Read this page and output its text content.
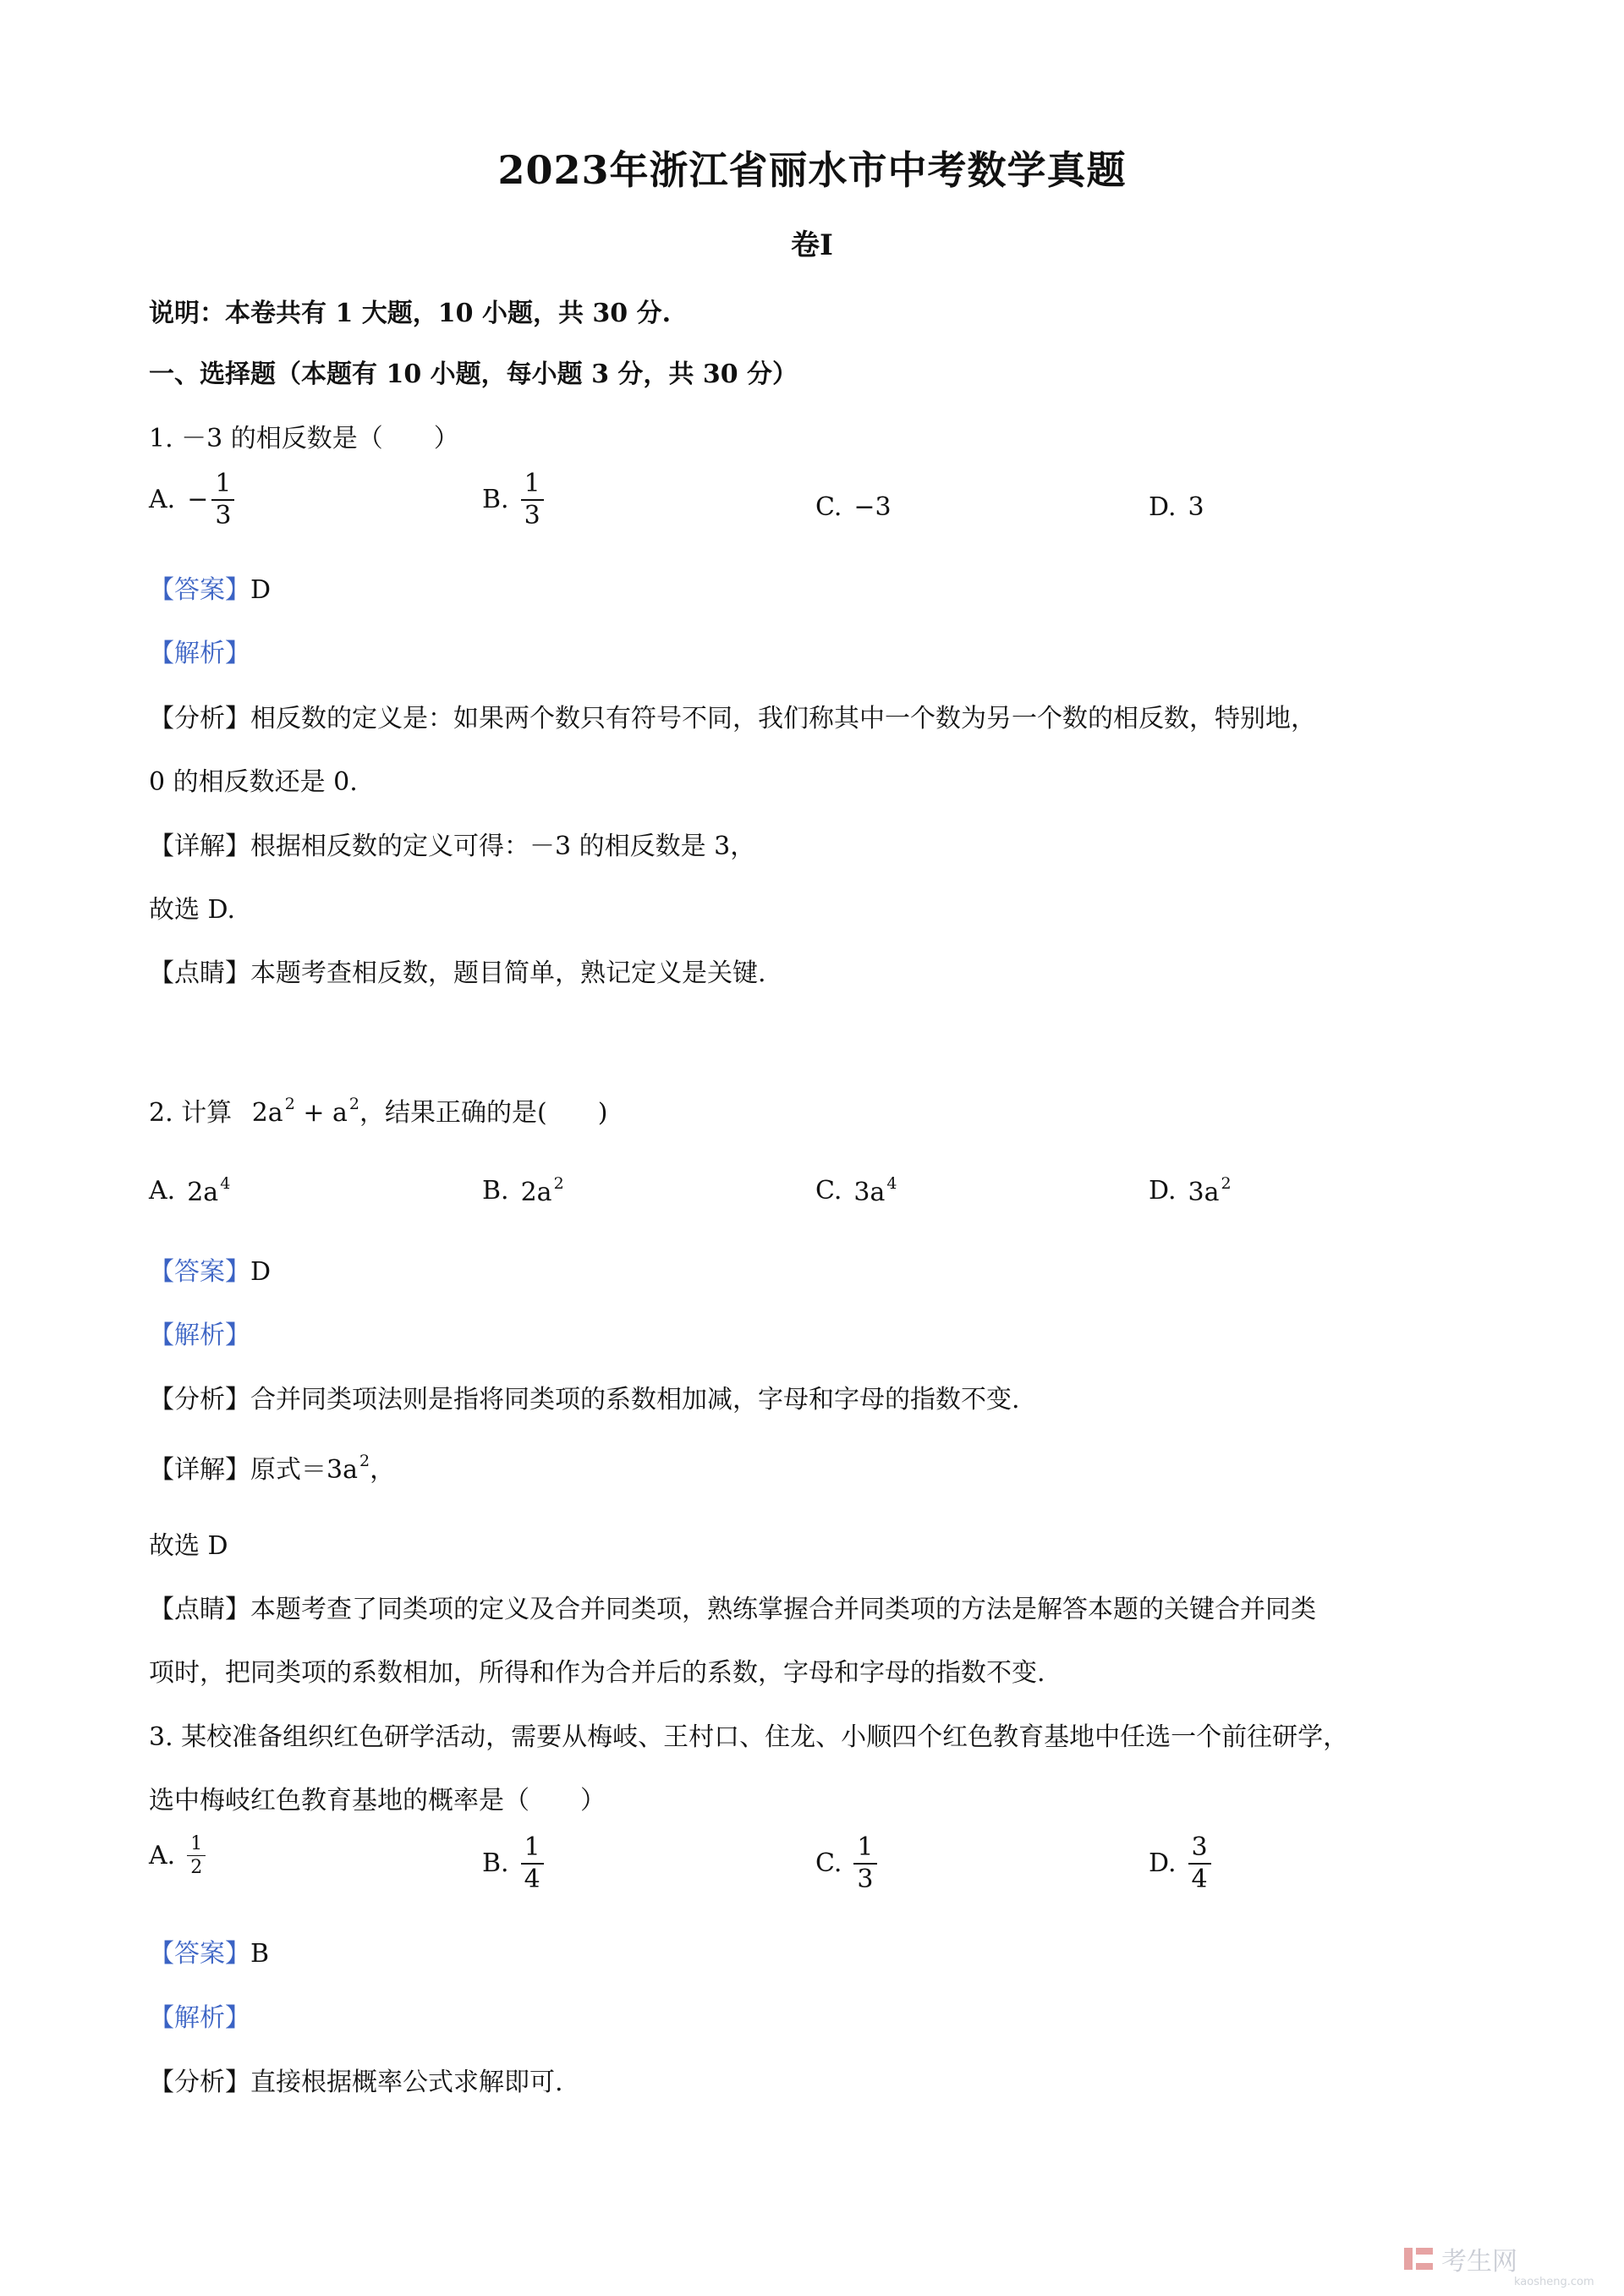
2023年浙江省丽水市中考数学真题
卷Ⅰ
说明：本卷共有 1 大题，10 小题，共 30 分.
一、选择题（本题有 10 小题，每小题 3 分，共 30 分）
1. －3 的相反数是（　　）
A. − $\frac{1}{3}$	B. $\frac{1}{3}$	C. −3	D. 3
【答案】D
【解析】
【分析】相反数的定义是：如果两个数只有符号不同，我们称其中一个数为另一个数的相反数，特别地，
0 的相反数还是 0.
【详解】根据相反数的定义可得：－3 的相反数是 3，
故选 D.
【点睛】本题考查相反数，题目简单，熟记定义是关键.
2. 计算 2a $^2$ + a $^2$，结果正确的是(　　)
A. 2a $^4$	B. 2a $^2$	C. 3a $^4$	D. 3a $^2$
【答案】D
【解析】
【分析】合并同类项法则是指将同类项的系数相加减，字母和字母的指数不变.
【详解】原式＝3a $^2$，
故选 D
【点睛】本题考查了同类项的定义及合并同类项，熟练掌握合并同类项的方法是解答本题的关键合并同类
项时，把同类项的系数相加，所得和作为合并后的系数，字母和字母的指数不变.
3. 某校准备组织红色研学活动，需要从梅岐、王村口、住龙、小顺四个红色教育基地中任选一个前往研学，
选中梅岐红色教育基地的概率是（　　）
A. $\frac{1}{2}$	B. $\frac{1}{4}$	C. $\frac{1}{3}$	D. $\frac{3}{4}$
【答案】B
【解析】
【分析】直接根据概率公式求解即可.
考生网
kaosheng.com
